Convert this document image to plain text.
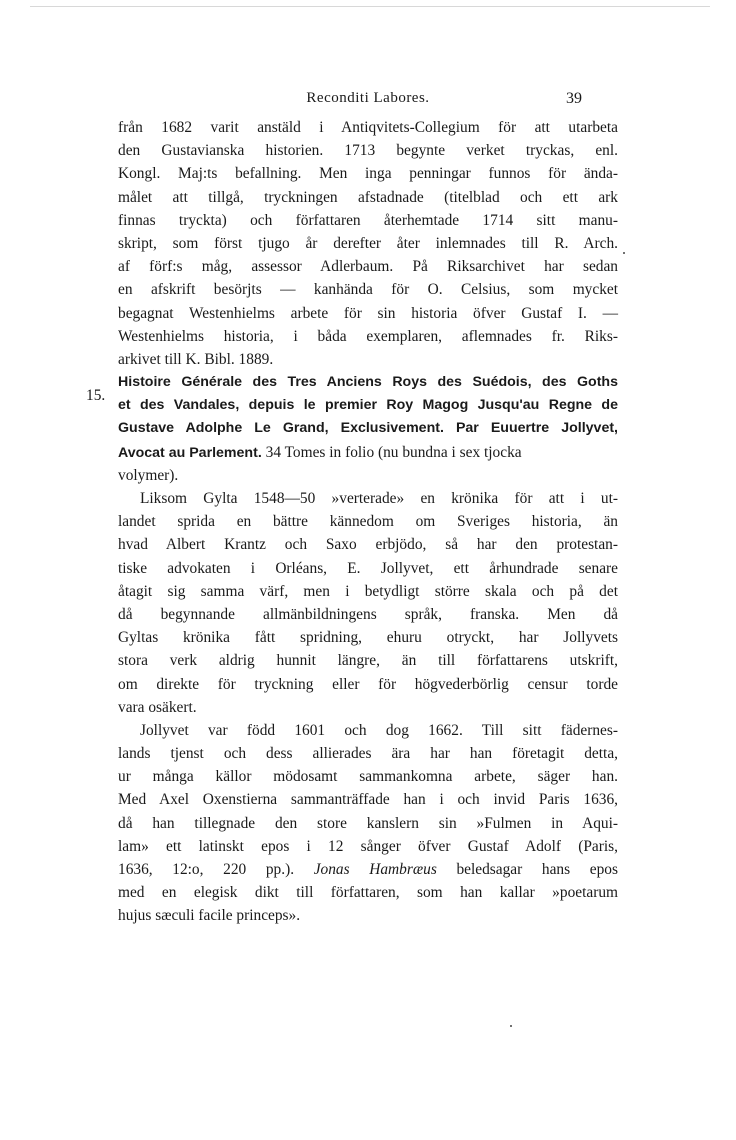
Reconditi Labores.	39
15.
från 1682 varit anstäld i Antiqvitets-Collegium för att utarbeta
den Gustavianska historien. 1713 begynte verket tryckas, enl.
Kongl. Maj:ts befallning. Men inga penningar funnos för ända-
målet att tillgå, tryckningen afstadnade (titelblad och ett ark
finnas tryckta) och författaren återhemtade 1714 sitt manu-
skript, som först tjugo år derefter åter inlemnades till R. Arch.
af förf:s måg, assessor Adlerbaum. På Riksarchivet har sedan
en afskrift besörjts — kanhända för O. Celsius, som mycket
begagnat Westenhielms arbete för sin historia öfver Gustaf I. —
Westenhielms historia, i båda exemplaren, aflemnades fr. Riks-
arkivet till K. Bibl. 1889.
Histoire Générale des Tres Anciens Roys des Suédois, des Goths
et des Vandales, depuis le premier Roy Magog Jusqu'au Regne de
Gustave Adolphe Le Grand, Exclusivement. Par Euuertre Jollyvet,
Avocat au Parlement. 34 Tomes in folio (nu bundna i sex tjocka
volymer).
Liksom Gylta 1548—50 »verterade» en krönika för att i ut-
landet sprida en bättre kännedom om Sveriges historia, än
hvad Albert Krantz och Saxo erbjödo, så har den protestan-
tiske advokaten i Orléans, E. Jollyvet, ett århundrade senare
åtagit sig samma värf, men i betydligt större skala och på det
då begynnande allmänbildningens språk, franska. Men då
Gyltas krönika fått spridning, ehuru otryckt, har Jollyvets
stora verk aldrig hunnit längre, än till författarens utskrift,
om direkte för tryckning eller för högvederbörlig censur torde
vara osäkert.
Jollyvet var född 1601 och dog 1662. Till sitt fädernes-
lands tjenst och dess allierades ära har han företagit detta,
ur många källor mödosamt sammankomna arbete, säger han.
Med Axel Oxenstierna sammanträffade han i och invid Paris 1636,
då han tillegnade den store kanslern sin »Fulmen in Aqui-
lam» ett latinskt epos i 12 sånger öfver Gustaf Adolf (Paris,
1636, 12:o, 220 pp.). Jonas Hambræus beledsagar hans epos
med en elegisk dikt till författaren, som han kallar »poetarum
hujus sæculi facile princeps».
